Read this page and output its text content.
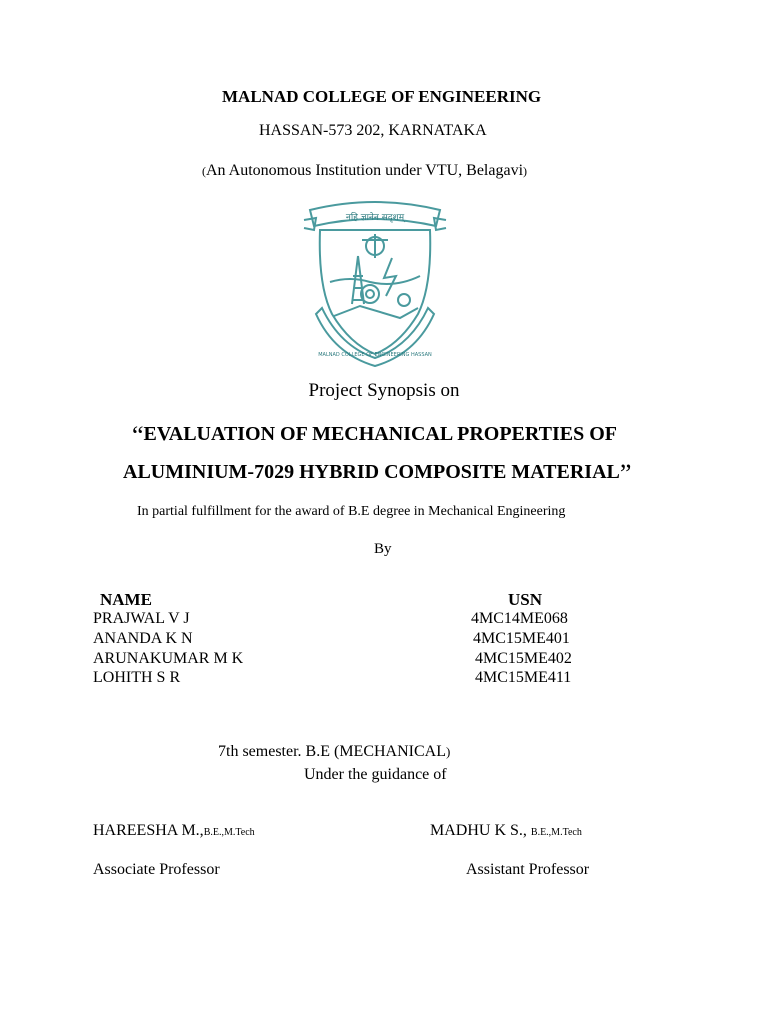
MALNAD COLLEGE OF ENGINEERING
HASSAN-573 202, KARNATAKA
(An Autonomous Institution under VTU, Belagavi)
नहि ज्ञानेन सदृशम्
MALNAD COLLEGE OF ENGINEERING HASSAN
Project Synopsis on
“EVALUATION OF MECHANICAL PROPERTIES OF
ALUMINIUM-7029 HYBRID COMPOSITE MATERIAL”
In partial fulfillment for the award of B.E degree in Mechanical Engineering
By
NAME	USN
PRAJWAL V J	4MC14ME068
ANANDA K N	4MC15ME401
ARUNAKUMAR M K	4MC15ME402
LOHITH S R	4MC15ME411
7th semester. B.E (MECHANICAL)
Under the guidance of
HAREESHA M.,B.E.,M.Tech	MADHU K S., B.E.,M.Tech
Associate Professor	Assistant Professor
